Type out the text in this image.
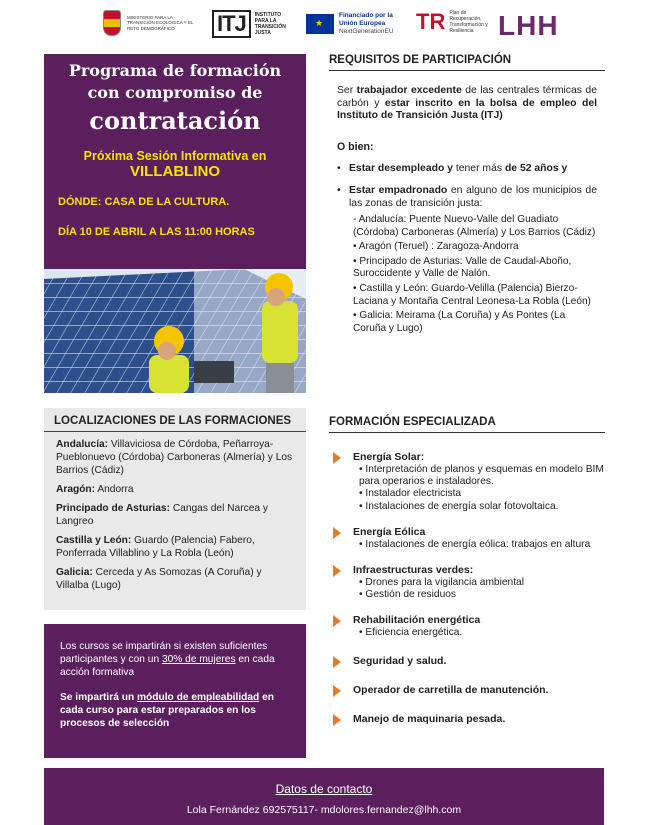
MINISTERIO PARA LA TRANSICIÓN ECOLÓGICA Y EL RETO DEMOGRÁFICO	ITJ	INSTITUTO PARA LA TRANSICIÓN JUSTA
★
Financiado por la Unión Europea
NextGenerationEU	TR Plan de Recuperación, Transformación y Resiliencia LHH
Programa de formación
con compromiso de
contratación
Próxima Sesión Informativa en
VILLABLINO
DÓNDE: CASA DE LA CULTURA.
DÍA 10 DE ABRIL A LAS 11:00 HORAS
LOCALIZACIONES DE LAS FORMACIONES
Andalucía: Villaviciosa de Córdoba, Peñarroya-Pueblonuevo (Córdoba) Carboneras (Almería) y Los Barrios (Cádiz)
Aragón: Andorra
Principado de Asturias: Cangas del Narcea y Langreo
Castilla y León: Guardo (Palencia) Fabero, Ponferrada Villablino y La Robla (León)
Galicia: Cerceda y As Somozas (A Coruña) y Villalba (Lugo)

Los cursos se impartirán si existen suficientes participantes y con un 30% de mujeres en cada acción formativa

Se impartirá un módulo de empleabilidad en cada curso para estar preparados en los procesos de selección

REQUISITOS DE PARTICIPACIÓN
Ser trabajador excedente de las centrales térmicas de carbón y estar inscrito en la bolsa de empleo del Instituto de Transición Justa (ITJ)
O bien:
• Estar desempleado y tener más de 52 años y
• Estar empadronado en alguno de los municipios de las zonas de transición justa:
- Andalucía: Puente Nuevo-Valle del Guadiato (Córdoba) Carboneras (Almería) y Los Barrios (Cádiz)
• Aragón (Teruel) : Zaragoza-Andorra
• Principado de Asturias: Valle de Caudal-Aboño, Suroccidente y Valle de Nalón.
• Castilla y León: Guardo-Velilla (Palencia) Bierzo-Laciana y Montaña Central Leonesa-La Robla (León)
• Galicia: Meirama (La Coruña) y As Pontes (La Coruña y Lugo)
FORMACIÓN ESPECIALIZADA
Energía Solar:
• Interpretación de planos y esquemas en modelo BIM para operarios e instaladores.
• Instalador electricista
• Instalaciones de energía solar fotovoltaica.
Energía Eólica
• Instalaciones de energía eólica: trabajos en altura
Infraestructuras verdes:
• Drones para la vigilancia ambiental
• Gestión de residuos
Rehabilitación energética
• Eficiencia energética.
Seguridad y salud.
Operador de carretilla de manutención.
Manejo de maquinaria pesada.
Datos de contacto
Lola Fernández 692575117- mdolores.fernandez@lhh.com
